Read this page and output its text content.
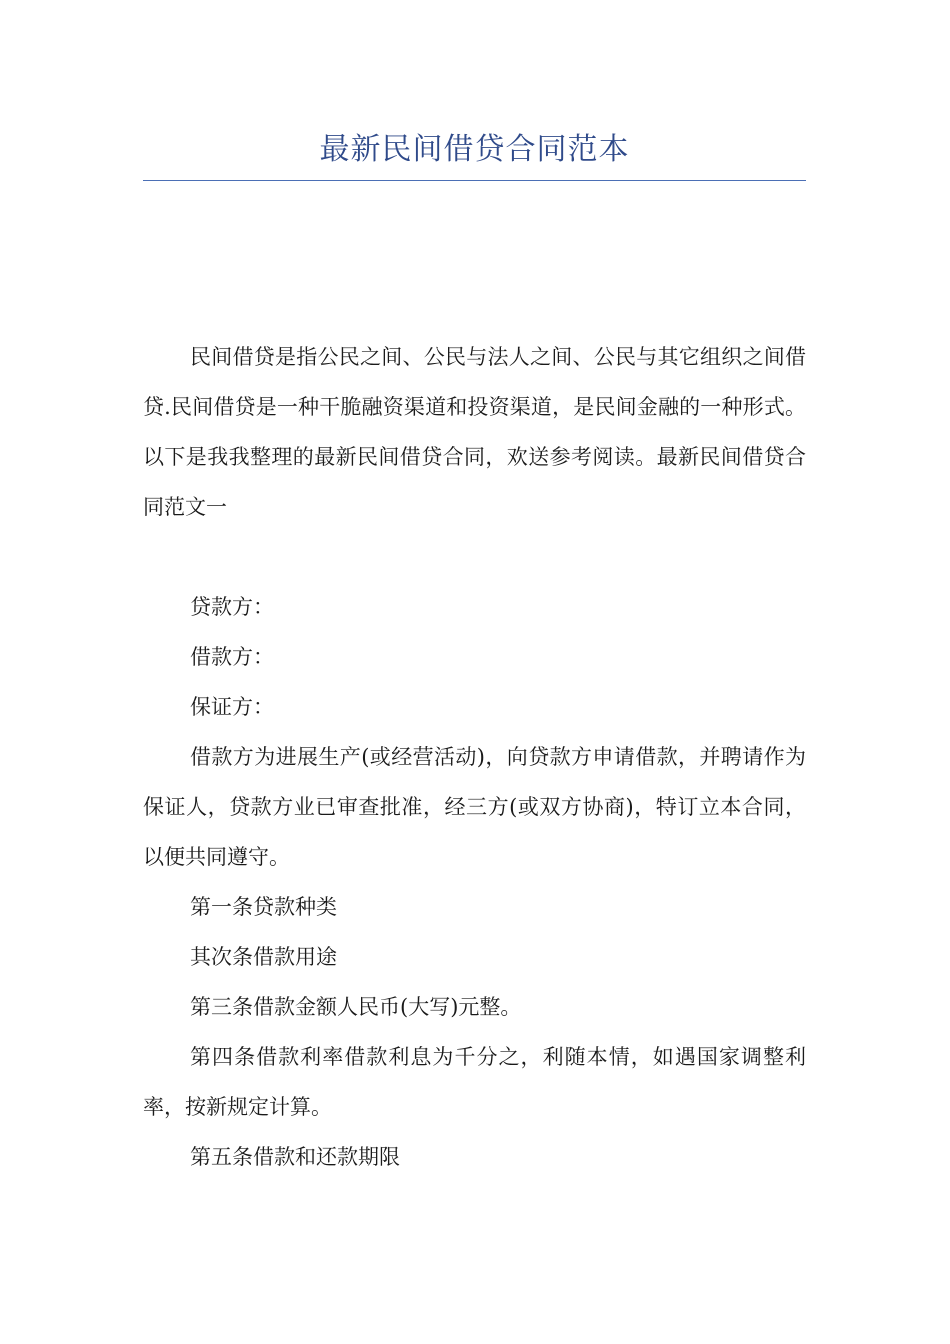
最新民间借贷合同范本

民间借贷是指公民之间、公民与法人之间、公民与其它组织之间借贷.民间借贷是一种干脆融资渠道和投资渠道，是民间金融的一种形式。以下是我我整理的最新民间借贷合同，欢送参考阅读。最新民间借贷合同范文一

贷款方：

借款方：

保证方：

借款方为进展生产(或经营活动)，向贷款方申请借款，并聘请作为保证人，贷款方业已审查批准，经三方(或双方协商)，特订立本合同，以便共同遵守。

第一条贷款种类

其次条借款用途

第三条借款金额人民币(大写)元整。

第四条借款利率借款利息为千分之，利随本情，如遇国家调整利率，按新规定计算。

第五条借款和还款期限
